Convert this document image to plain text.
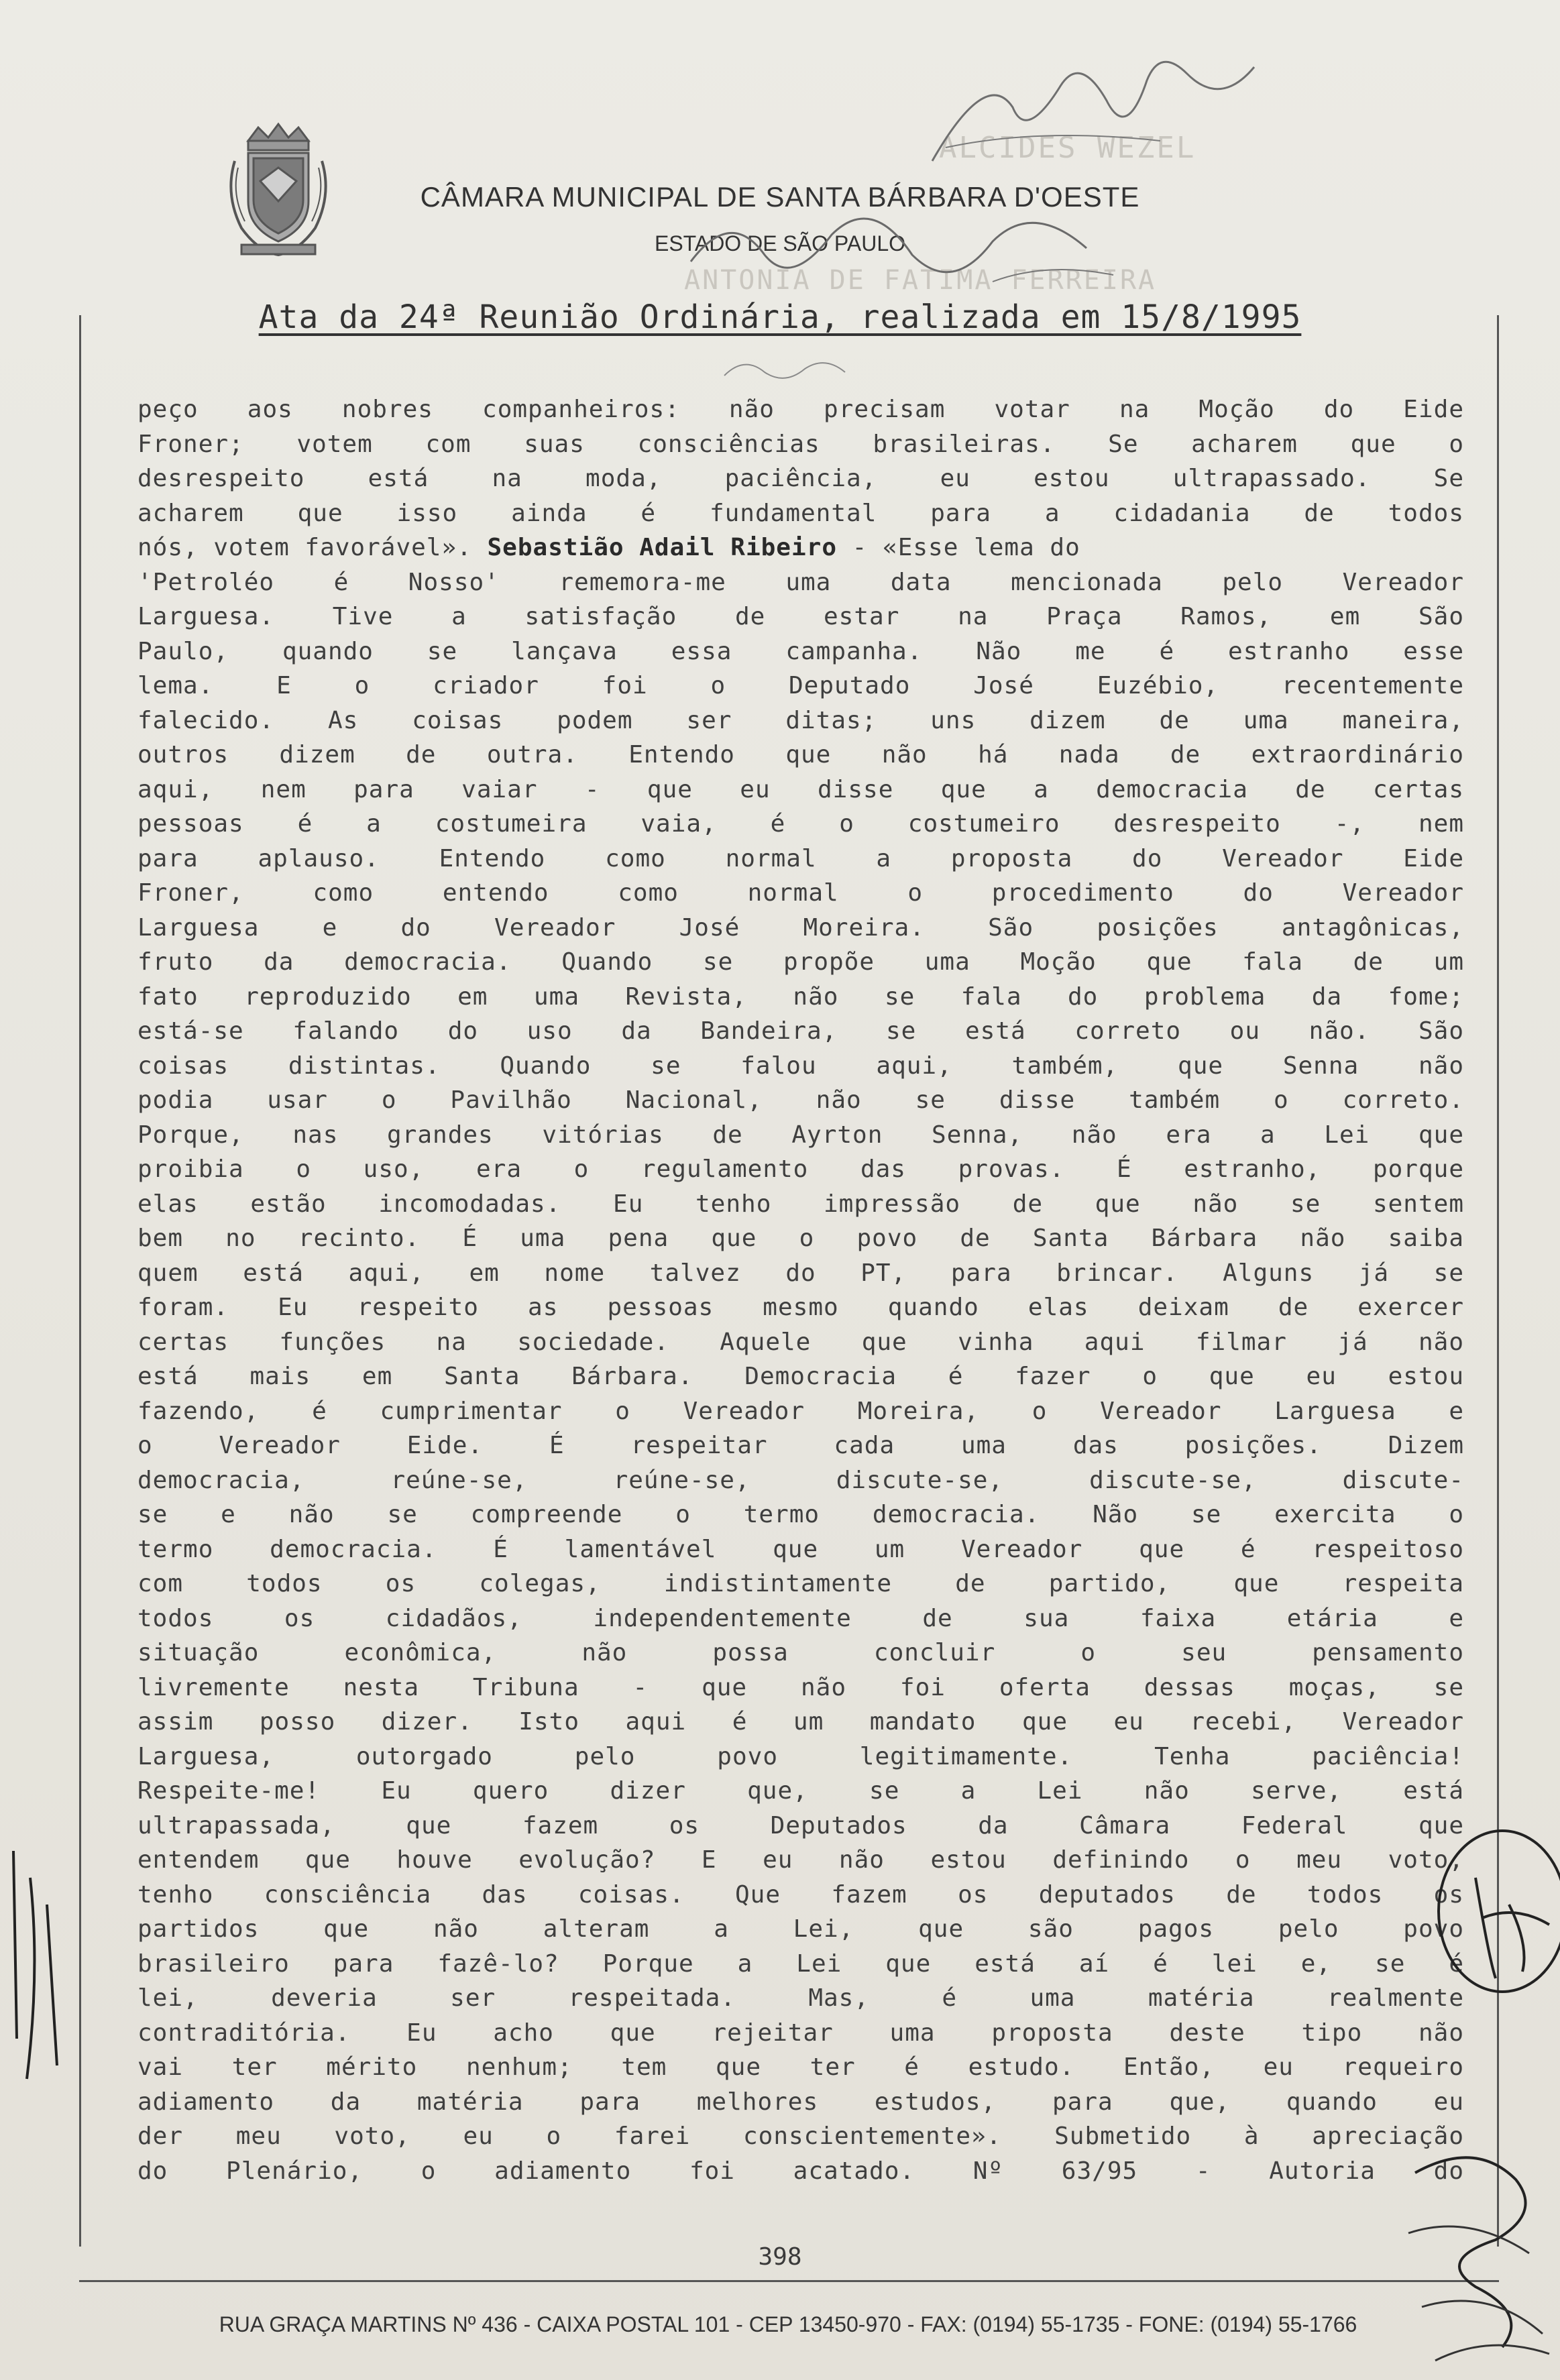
ALCIDES WEZEL
ANTONIA DE FATIMA FERREIRA
CÂMARA MUNICIPAL DE SANTA BÁRBARA D'OESTE
ESTADO DE SÃO PAULO
Ata da 24ª Reunião Ordinária, realizada em 15/8/1995
peço aos nobres companheiros: não precisam votar na Moção do Eide
Froner; votem com suas consciências brasileiras. Se acharem que o
desrespeito está na moda, paciência, eu estou ultrapassado. Se
acharem que isso ainda é fundamental para a cidadania de todos
nós, votem favorável». Sebastião Adail Ribeiro - «Esse lema do
'Petroléo é Nosso' rememora-me uma data mencionada pelo Vereador
Larguesa. Tive a satisfação de estar na Praça Ramos, em São
Paulo, quando se lançava essa campanha. Não me é estranho esse
lema. E o criador foi o Deputado José Euzébio, recentemente
falecido. As coisas podem ser ditas; uns dizem de uma maneira,
outros dizem de outra. Entendo que não há nada de extraordinário
aqui, nem para vaiar - que eu disse que a democracia de certas
pessoas é a costumeira vaia, é o costumeiro desrespeito -, nem
para aplauso. Entendo como normal a proposta do Vereador Eide
Froner, como entendo como normal o procedimento do Vereador
Larguesa e do Vereador José Moreira. São posições antagônicas,
fruto da democracia. Quando se propõe uma Moção que fala de um
fato reproduzido em uma Revista, não se fala do problema da fome;
está-se falando do uso da Bandeira, se está correto ou não. São
coisas distintas. Quando se falou aqui, também, que Senna não
podia usar o Pavilhão Nacional, não se disse também o correto.
Porque, nas grandes vitórias de Ayrton Senna, não era a Lei que
proibia o uso, era o regulamento das provas. É estranho, porque
elas estão incomodadas. Eu tenho impressão de que não se sentem
bem no recinto. É uma pena que o povo de Santa Bárbara não saiba
quem está aqui, em nome talvez do PT, para brincar. Alguns já se
foram. Eu respeito as pessoas mesmo quando elas deixam de exercer
certas funções na sociedade. Aquele que vinha aqui filmar já não
está mais em Santa Bárbara. Democracia é fazer o que eu estou
fazendo, é cumprimentar o Vereador Moreira, o Vereador Larguesa e
o Vereador Eide. É respeitar cada uma das posições. Dizem
democracia, reúne-se, reúne-se, discute-se, discute-se, discute-
se e não se compreende o termo democracia. Não se exercita o
termo democracia. É lamentável que um Vereador que é respeitoso
com todos os colegas, indistintamente de partido, que respeita
todos os cidadãos, independentemente de sua faixa etária e
situação econômica, não possa concluir o seu pensamento
livremente nesta Tribuna - que não foi oferta dessas moças, se
assim posso dizer. Isto aqui é um mandato que eu recebi, Vereador
Larguesa, outorgado pelo povo legitimamente. Tenha paciência!
Respeite-me! Eu quero dizer que, se a Lei não serve, está
ultrapassada, que fazem os Deputados da Câmara Federal que
entendem que houve evolução? E eu não estou definindo o meu voto,
tenho consciência das coisas. Que fazem os deputados de todos os
partidos que não alteram a Lei, que são pagos pelo povo
brasileiro para fazê-lo? Porque a Lei que está aí é lei e, se é
lei, deveria ser respeitada. Mas, é uma matéria realmente
contraditória. Eu acho que rejeitar uma proposta deste tipo não
vai ter mérito nenhum; tem que ter é estudo. Então, eu requeiro
adiamento da matéria para melhores estudos, para que, quando eu
der meu voto, eu o farei conscientemente». Submetido à apreciação
do Plenário, o adiamento foi acatado. Nº 63/95 - Autoria do
398
RUA GRAÇA MARTINS Nº 436 - CAIXA POSTAL 101 - CEP 13450-970 - FAX: (0194) 55-1735 - FONE: (0194) 55-1766
